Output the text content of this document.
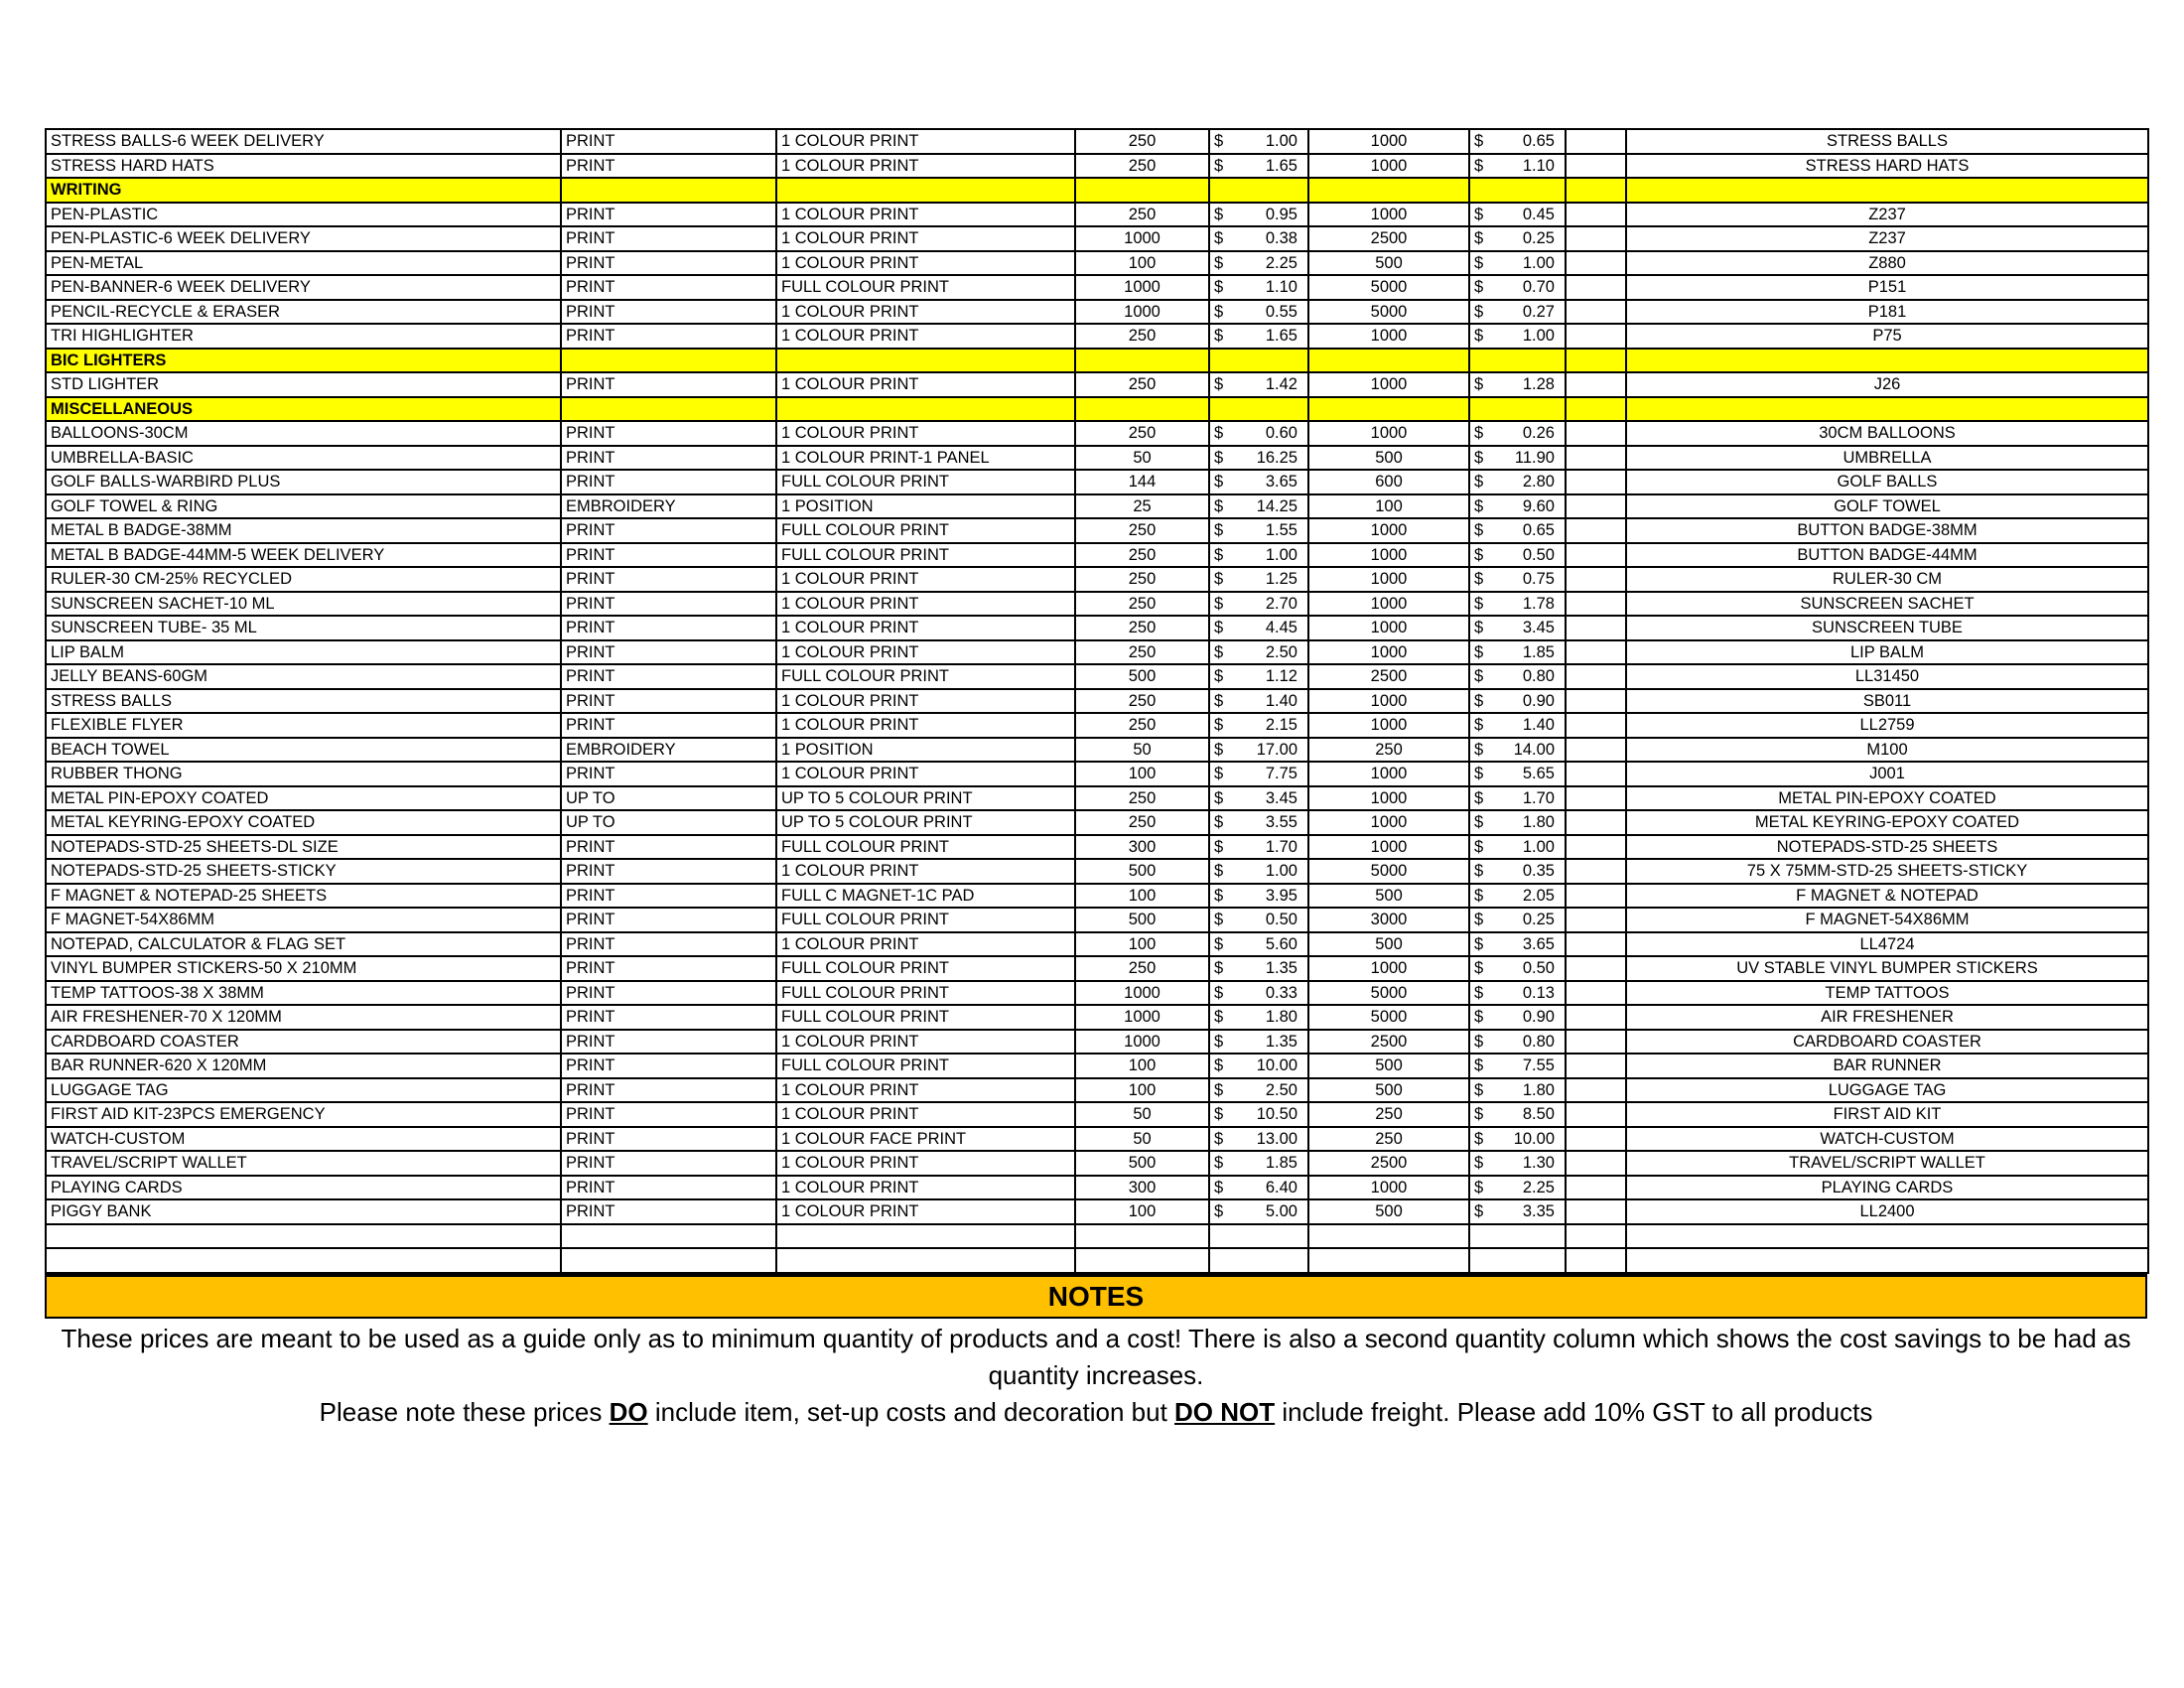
STRESS BALLS-6 WEEK DELIVERY	PRINT	1 COLOUR PRINT	250	$ 1.00	1000	$ 0.65		STRESS BALLS
STRESS HARD HATS	PRINT	1 COLOUR PRINT	250	$ 1.65	1000	$ 1.10		STRESS HARD HATS
WRITING								
PEN-PLASTIC	PRINT	1 COLOUR PRINT	250	$ 0.95	1000	$ 0.45		Z237
PEN-PLASTIC-6 WEEK DELIVERY	PRINT	1 COLOUR PRINT	1000	$ 0.38	2500	$ 0.25		Z237
PEN-METAL	PRINT	1 COLOUR PRINT	100	$ 2.25	500	$ 1.00		Z880
PEN-BANNER-6 WEEK DELIVERY	PRINT	FULL COLOUR PRINT	1000	$ 1.10	5000	$ 0.70		P151
PENCIL-RECYCLE & ERASER	PRINT	1 COLOUR PRINT	1000	$ 0.55	5000	$ 0.27		P181
TRI HIGHLIGHTER	PRINT	1 COLOUR PRINT	250	$ 1.65	1000	$ 1.00		P75
BIC LIGHTERS								
STD LIGHTER	PRINT	1 COLOUR PRINT	250	$ 1.42	1000	$ 1.28		J26
MISCELLANEOUS								
BALLOONS-30CM	PRINT	1 COLOUR PRINT	250	$ 0.60	1000	$ 0.26		30CM BALLOONS
UMBRELLA-BASIC	PRINT	1 COLOUR PRINT-1 PANEL	50	$ 16.25	500	$ 11.90		UMBRELLA
GOLF BALLS-WARBIRD PLUS	PRINT	FULL COLOUR PRINT	144	$ 3.65	600	$ 2.80		GOLF BALLS
GOLF TOWEL & RING	EMBROIDERY	1 POSITION	25	$ 14.25	100	$ 9.60		GOLF TOWEL
METAL B BADGE-38MM	PRINT	FULL COLOUR PRINT	250	$ 1.55	1000	$ 0.65		BUTTON BADGE-38MM
METAL B BADGE-44MM-5 WEEK DELIVERY	PRINT	FULL COLOUR PRINT	250	$ 1.00	1000	$ 0.50		BUTTON BADGE-44MM
RULER-30 CM-25% RECYCLED	PRINT	1 COLOUR PRINT	250	$ 1.25	1000	$ 0.75		RULER-30 CM
SUNSCREEN SACHET-10 ML	PRINT	1 COLOUR PRINT	250	$ 2.70	1000	$ 1.78		SUNSCREEN SACHET
SUNSCREEN TUBE- 35 ML	PRINT	1 COLOUR PRINT	250	$ 4.45	1000	$ 3.45		SUNSCREEN TUBE
LIP BALM	PRINT	1 COLOUR PRINT	250	$ 2.50	1000	$ 1.85		LIP BALM
JELLY BEANS-60GM	PRINT	FULL COLOUR PRINT	500	$ 1.12	2500	$ 0.80		LL31450
STRESS BALLS	PRINT	1 COLOUR PRINT	250	$ 1.40	1000	$ 0.90		SB011
FLEXIBLE FLYER	PRINT	1 COLOUR PRINT	250	$ 2.15	1000	$ 1.40		LL2759
BEACH TOWEL	EMBROIDERY	1 POSITION	50	$ 17.00	250	$ 14.00		M100
RUBBER THONG	PRINT	1 COLOUR PRINT	100	$ 7.75	1000	$ 5.65		J001
METAL PIN-EPOXY COATED	UP TO	UP TO 5 COLOUR PRINT	250	$ 3.45	1000	$ 1.70		METAL PIN-EPOXY COATED
METAL KEYRING-EPOXY COATED	UP TO	UP TO 5 COLOUR PRINT	250	$ 3.55	1000	$ 1.80		METAL KEYRING-EPOXY COATED
NOTEPADS-STD-25 SHEETS-DL SIZE	PRINT	FULL COLOUR PRINT	300	$ 1.70	1000	$ 1.00		NOTEPADS-STD-25 SHEETS
NOTEPADS-STD-25 SHEETS-STICKY	PRINT	1 COLOUR PRINT	500	$ 1.00	5000	$ 0.35		75 X 75MM-STD-25 SHEETS-STICKY
F MAGNET & NOTEPAD-25 SHEETS	PRINT	FULL C MAGNET-1C PAD	100	$ 3.95	500	$ 2.05		F MAGNET & NOTEPAD
F MAGNET-54X86MM	PRINT	FULL COLOUR PRINT	500	$ 0.50	3000	$ 0.25		F MAGNET-54X86MM
NOTEPAD, CALCULATOR & FLAG SET	PRINT	1 COLOUR PRINT	100	$ 5.60	500	$ 3.65		LL4724
VINYL BUMPER STICKERS-50 X 210MM	PRINT	FULL COLOUR PRINT	250	$ 1.35	1000	$ 0.50		UV STABLE VINYL BUMPER STICKERS
TEMP TATTOOS-38 X 38MM	PRINT	FULL COLOUR PRINT	1000	$ 0.33	5000	$ 0.13		TEMP TATTOOS
AIR FRESHENER-70 X 120MM	PRINT	FULL COLOUR PRINT	1000	$ 1.80	5000	$ 0.90		AIR FRESHENER
CARDBOARD COASTER	PRINT	1 COLOUR PRINT	1000	$ 1.35	2500	$ 0.80		CARDBOARD COASTER
BAR RUNNER-620 X 120MM	PRINT	FULL COLOUR PRINT	100	$ 10.00	500	$ 7.55		BAR RUNNER
LUGGAGE TAG	PRINT	1 COLOUR PRINT	100	$ 2.50	500	$ 1.80		LUGGAGE TAG
FIRST AID KIT-23PCS EMERGENCY	PRINT	1 COLOUR PRINT	50	$ 10.50	250	$ 8.50		FIRST AID KIT
WATCH-CUSTOM	PRINT	1 COLOUR FACE PRINT	50	$ 13.00	250	$ 10.00		WATCH-CUSTOM
TRAVEL/SCRIPT WALLET	PRINT	1 COLOUR PRINT	500	$ 1.85	2500	$ 1.30		TRAVEL/SCRIPT WALLET
PLAYING CARDS	PRINT	1 COLOUR PRINT	300	$ 6.40	1000	$ 2.25		PLAYING CARDS
PIGGY BANK	PRINT	1 COLOUR PRINT	100	$ 5.00	500	$ 3.35		LL2400

NOTES
These prices are meant to be used as a guide only as to minimum quantity of products and a cost! There is also a second quantity column which shows the cost savings to be had as quantity increases.
Please note these prices DO include item, set-up costs and decoration but DO NOT include freight. Please add 10% GST to all products
